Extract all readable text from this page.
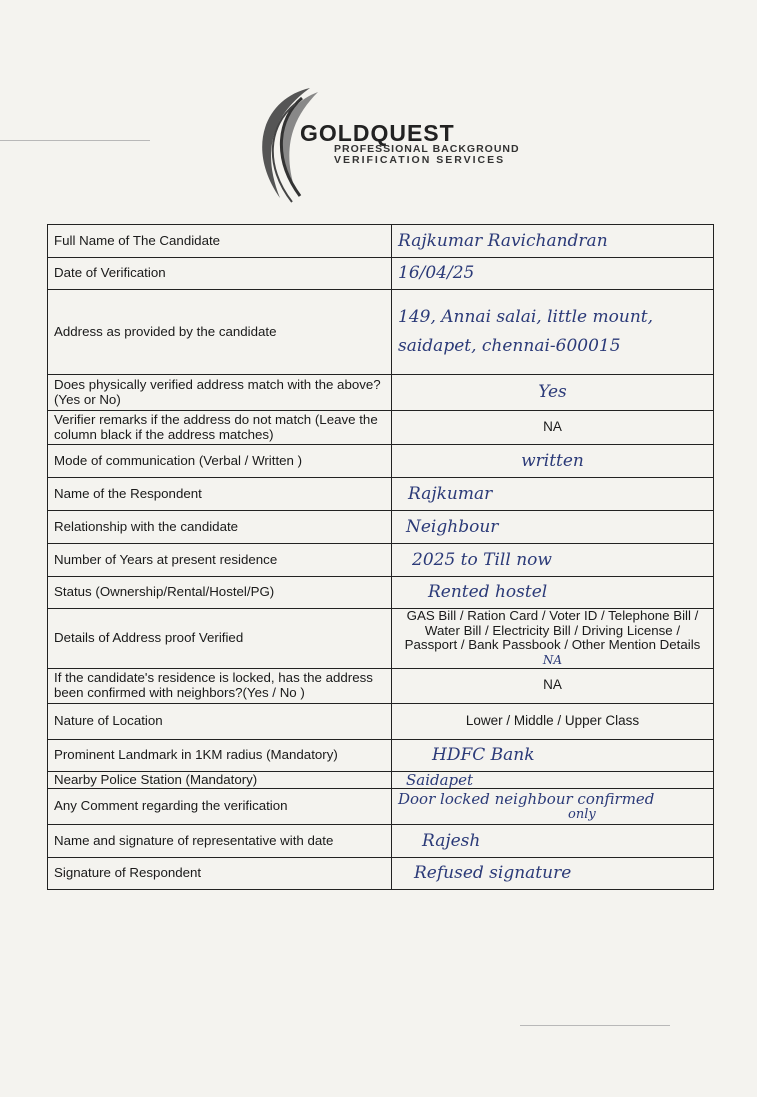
GOLDQUEST
PROFESSIONAL BACKGROUND
VERIFICATION SERVICES
Full Name of The Candidate	Rajkumar Ravichandran
Date of Verification	16/04/25
Address as provided by the candidate	149, Annai salai, little mount,
saidapet, chennai-600015

Does physically verified address match with the above? (Yes or No)	Yes
Verifier remarks if the address do not match (Leave the column black if the address matches)	NA
Mode of communication (Verbal / Written )	written
Name of the Respondent	Rajkumar
Relationship with the candidate	Neighbour
Number of Years at present residence	2025 to Till now
Status (Ownership/Rental/Hostel/PG)	Rented hostel
Details of Address proof Verified	GAS Bill / Ration Card / Voter ID / Telephone Bill /
Water Bill / Electricity Bill / Driving License /
Passport / Bank Passbook / Other Mention Details NA

If the candidate's residence is locked, has the address been confirmed with neighbors?(Yes / No )	NA
Nature of Location	Lower / Middle / Upper Class
Prominent Landmark in 1KM radius (Mandatory)	HDFC Bank
Nearby Police Station (Mandatory)	Saidapet
Any Comment regarding the verification	Door locked neighbour confirmed
only

Name and signature of representative with date	Rajesh
Signature of Respondent	Refused signature
